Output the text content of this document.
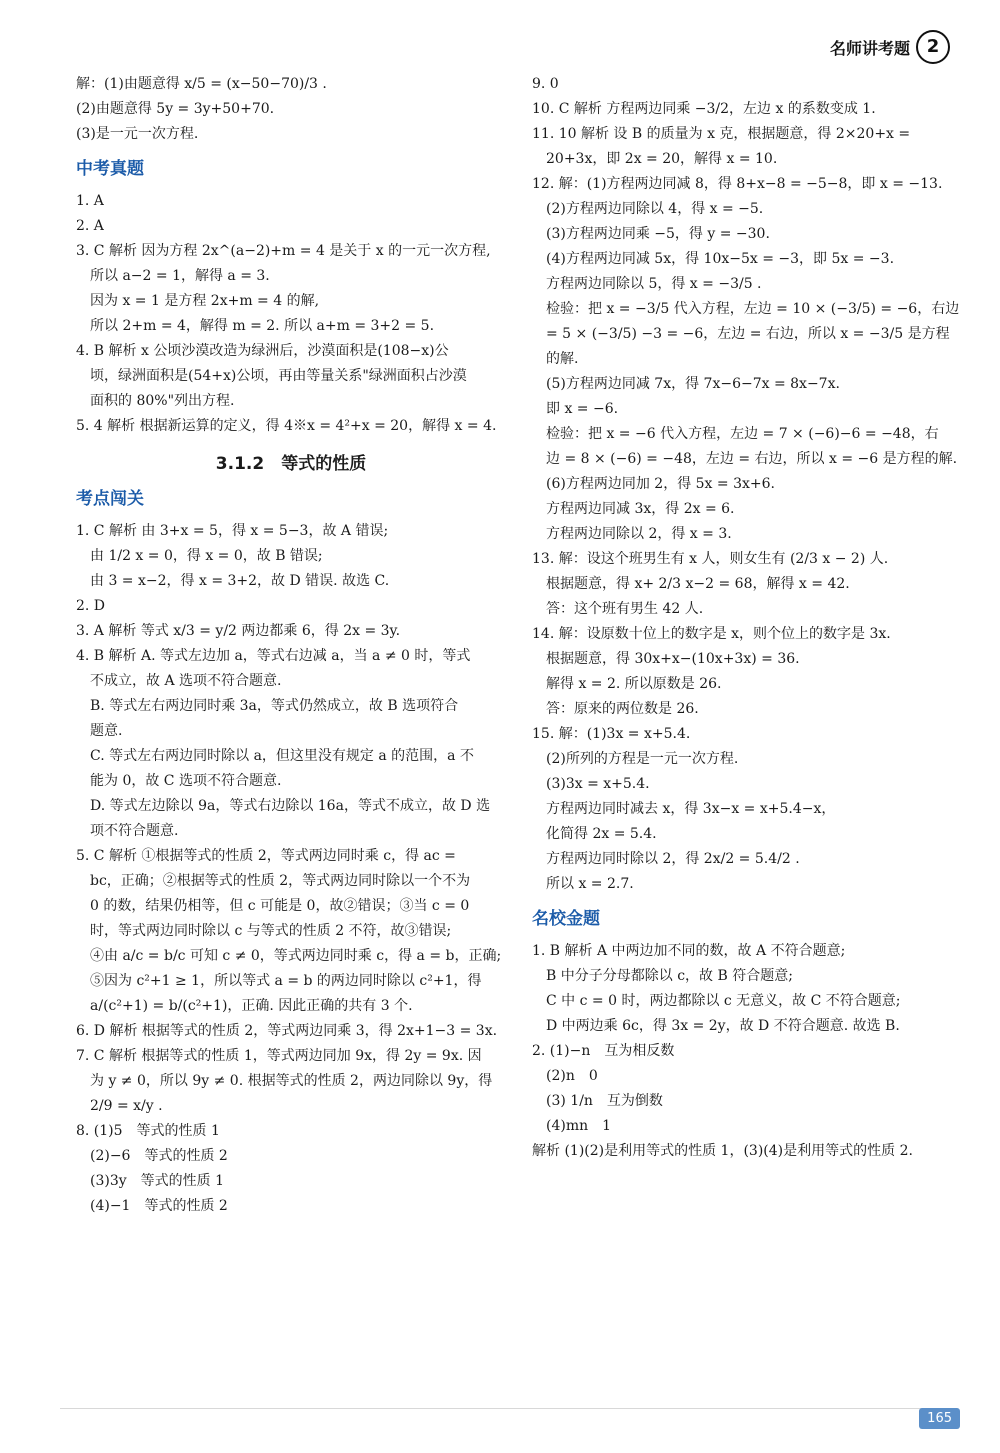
名师讲考题 2
解：(1)由题意得 x/5 = (x−50−70)/3 .
(2)由题意得 5y = 3y+50+70.
(3)是一元一次方程.
中考真题
1. A
2. A
3. C 解析 因为方程 2x^(a−2)+m = 4 是关于 x 的一元一次方程,
所以 a−2 = 1，解得 a = 3.
因为 x = 1 是方程 2x+m = 4 的解,
所以 2+m = 4，解得 m = 2. 所以 a+m = 3+2 = 5.
4. B 解析 x 公顷沙漠改造为绿洲后，沙漠面积是(108−x)公
顷，绿洲面积是(54+x)公顷，再由等量关系"绿洲面积占沙漠
面积的 80%"列出方程.
5. 4 解析 根据新运算的定义，得 4※x = 4²+x = 20，解得 x = 4.
3.1.2　等式的性质
考点闯关
1. C 解析 由 3+x = 5，得 x = 5−3，故 A 错误;
由 1/2 x = 0，得 x = 0，故 B 错误;
由 3 = x−2，得 x = 3+2，故 D 错误. 故选 C.
2. D
3. A 解析 等式 x/3 = y/2 两边都乘 6，得 2x = 3y.
4. B 解析 A. 等式左边加 a，等式右边减 a，当 a ≠ 0 时，等式
不成立，故 A 选项不符合题意.
B. 等式左右两边同时乘 3a，等式仍然成立，故 B 选项符合
题意.
C. 等式左右两边同时除以 a，但这里没有规定 a 的范围，a 不
能为 0，故 C 选项不符合题意.
D. 等式左边除以 9a，等式右边除以 16a，等式不成立，故 D 选
项不符合题意.
5. C 解析 ①根据等式的性质 2，等式两边同时乘 c，得 ac =
bc，正确；②根据等式的性质 2，等式两边同时除以一个不为
0 的数，结果仍相等，但 c 可能是 0，故②错误；③当 c = 0
时，等式两边同时除以 c 与等式的性质 2 不符，故③错误;
④由 a/c = b/c 可知 c ≠ 0，等式两边同时乘 c，得 a = b，正确;
⑤因为 c²+1 ≥ 1，所以等式 a = b 的两边同时除以 c²+1，得
a/(c²+1) = b/(c²+1)，正确. 因此正确的共有 3 个.
6. D 解析 根据等式的性质 2，等式两边同乘 3，得 2x+1−3 = 3x.
7. C 解析 根据等式的性质 1，等式两边同加 9x，得 2y = 9x. 因
为 y ≠ 0，所以 9y ≠ 0. 根据等式的性质 2，两边同除以 9y，得
2/9 = x/y .
8. (1)5　等式的性质 1
(2)−6　等式的性质 2
(3)3y　等式的性质 1
(4)−1　等式的性质 2
9. 0
10. C 解析 方程两边同乘 −3/2，左边 x 的系数变成 1.
11. 10 解析 设 B 的质量为 x 克，根据题意，得 2×20+x =
20+3x，即 2x = 20，解得 x = 10.
12. 解：(1)方程两边同减 8，得 8+x−8 = −5−8，即 x = −13.
(2)方程两边同除以 4，得 x = −5.
(3)方程两边同乘 −5，得 y = −30.
(4)方程两边同减 5x，得 10x−5x = −3，即 5x = −3.
方程两边同除以 5，得 x = −3/5 .
检验：把 x = −3/5 代入方程，左边 = 10 × (−3/5) = −6，右边
= 5 × (−3/5) −3 = −6，左边 = 右边，所以 x = −3/5 是方程
的解.
(5)方程两边同减 7x，得 7x−6−7x = 8x−7x.
即 x = −6.
检验：把 x = −6 代入方程，左边 = 7 × (−6)−6 = −48，右
边 = 8 × (−6) = −48，左边 = 右边，所以 x = −6 是方程的解.
(6)方程两边同加 2，得 5x = 3x+6.
方程两边同减 3x，得 2x = 6.
方程两边同除以 2，得 x = 3.
13. 解：设这个班男生有 x 人，则女生有 (2/3 x − 2) 人.
根据题意，得 x+ 2/3 x−2 = 68，解得 x = 42.
答：这个班有男生 42 人.
14. 解：设原数十位上的数字是 x，则个位上的数字是 3x.
根据题意，得 30x+x−(10x+3x) = 36.
解得 x = 2. 所以原数是 26.
答：原来的两位数是 26.
15. 解：(1)3x = x+5.4.
(2)所列的方程是一元一次方程.
(3)3x = x+5.4.
方程两边同时减去 x，得 3x−x = x+5.4−x，
化简得 2x = 5.4.
方程两边同时除以 2，得 2x/2 = 5.4/2 .
所以 x = 2.7.
名校金题
1. B 解析 A 中两边加不同的数，故 A 不符合题意;
B 中分子分母都除以 c，故 B 符合题意;
C 中 c = 0 时，两边都除以 c 无意义，故 C 不符合题意;
D 中两边乘 6c，得 3x = 2y，故 D 不符合题意. 故选 B.
2. (1)−n　互为相反数
(2)n　0
(3) 1/n　互为倒数
(4)mn　1
解析 (1)(2)是利用等式的性质 1，(3)(4)是利用等式的性质 2.
165
